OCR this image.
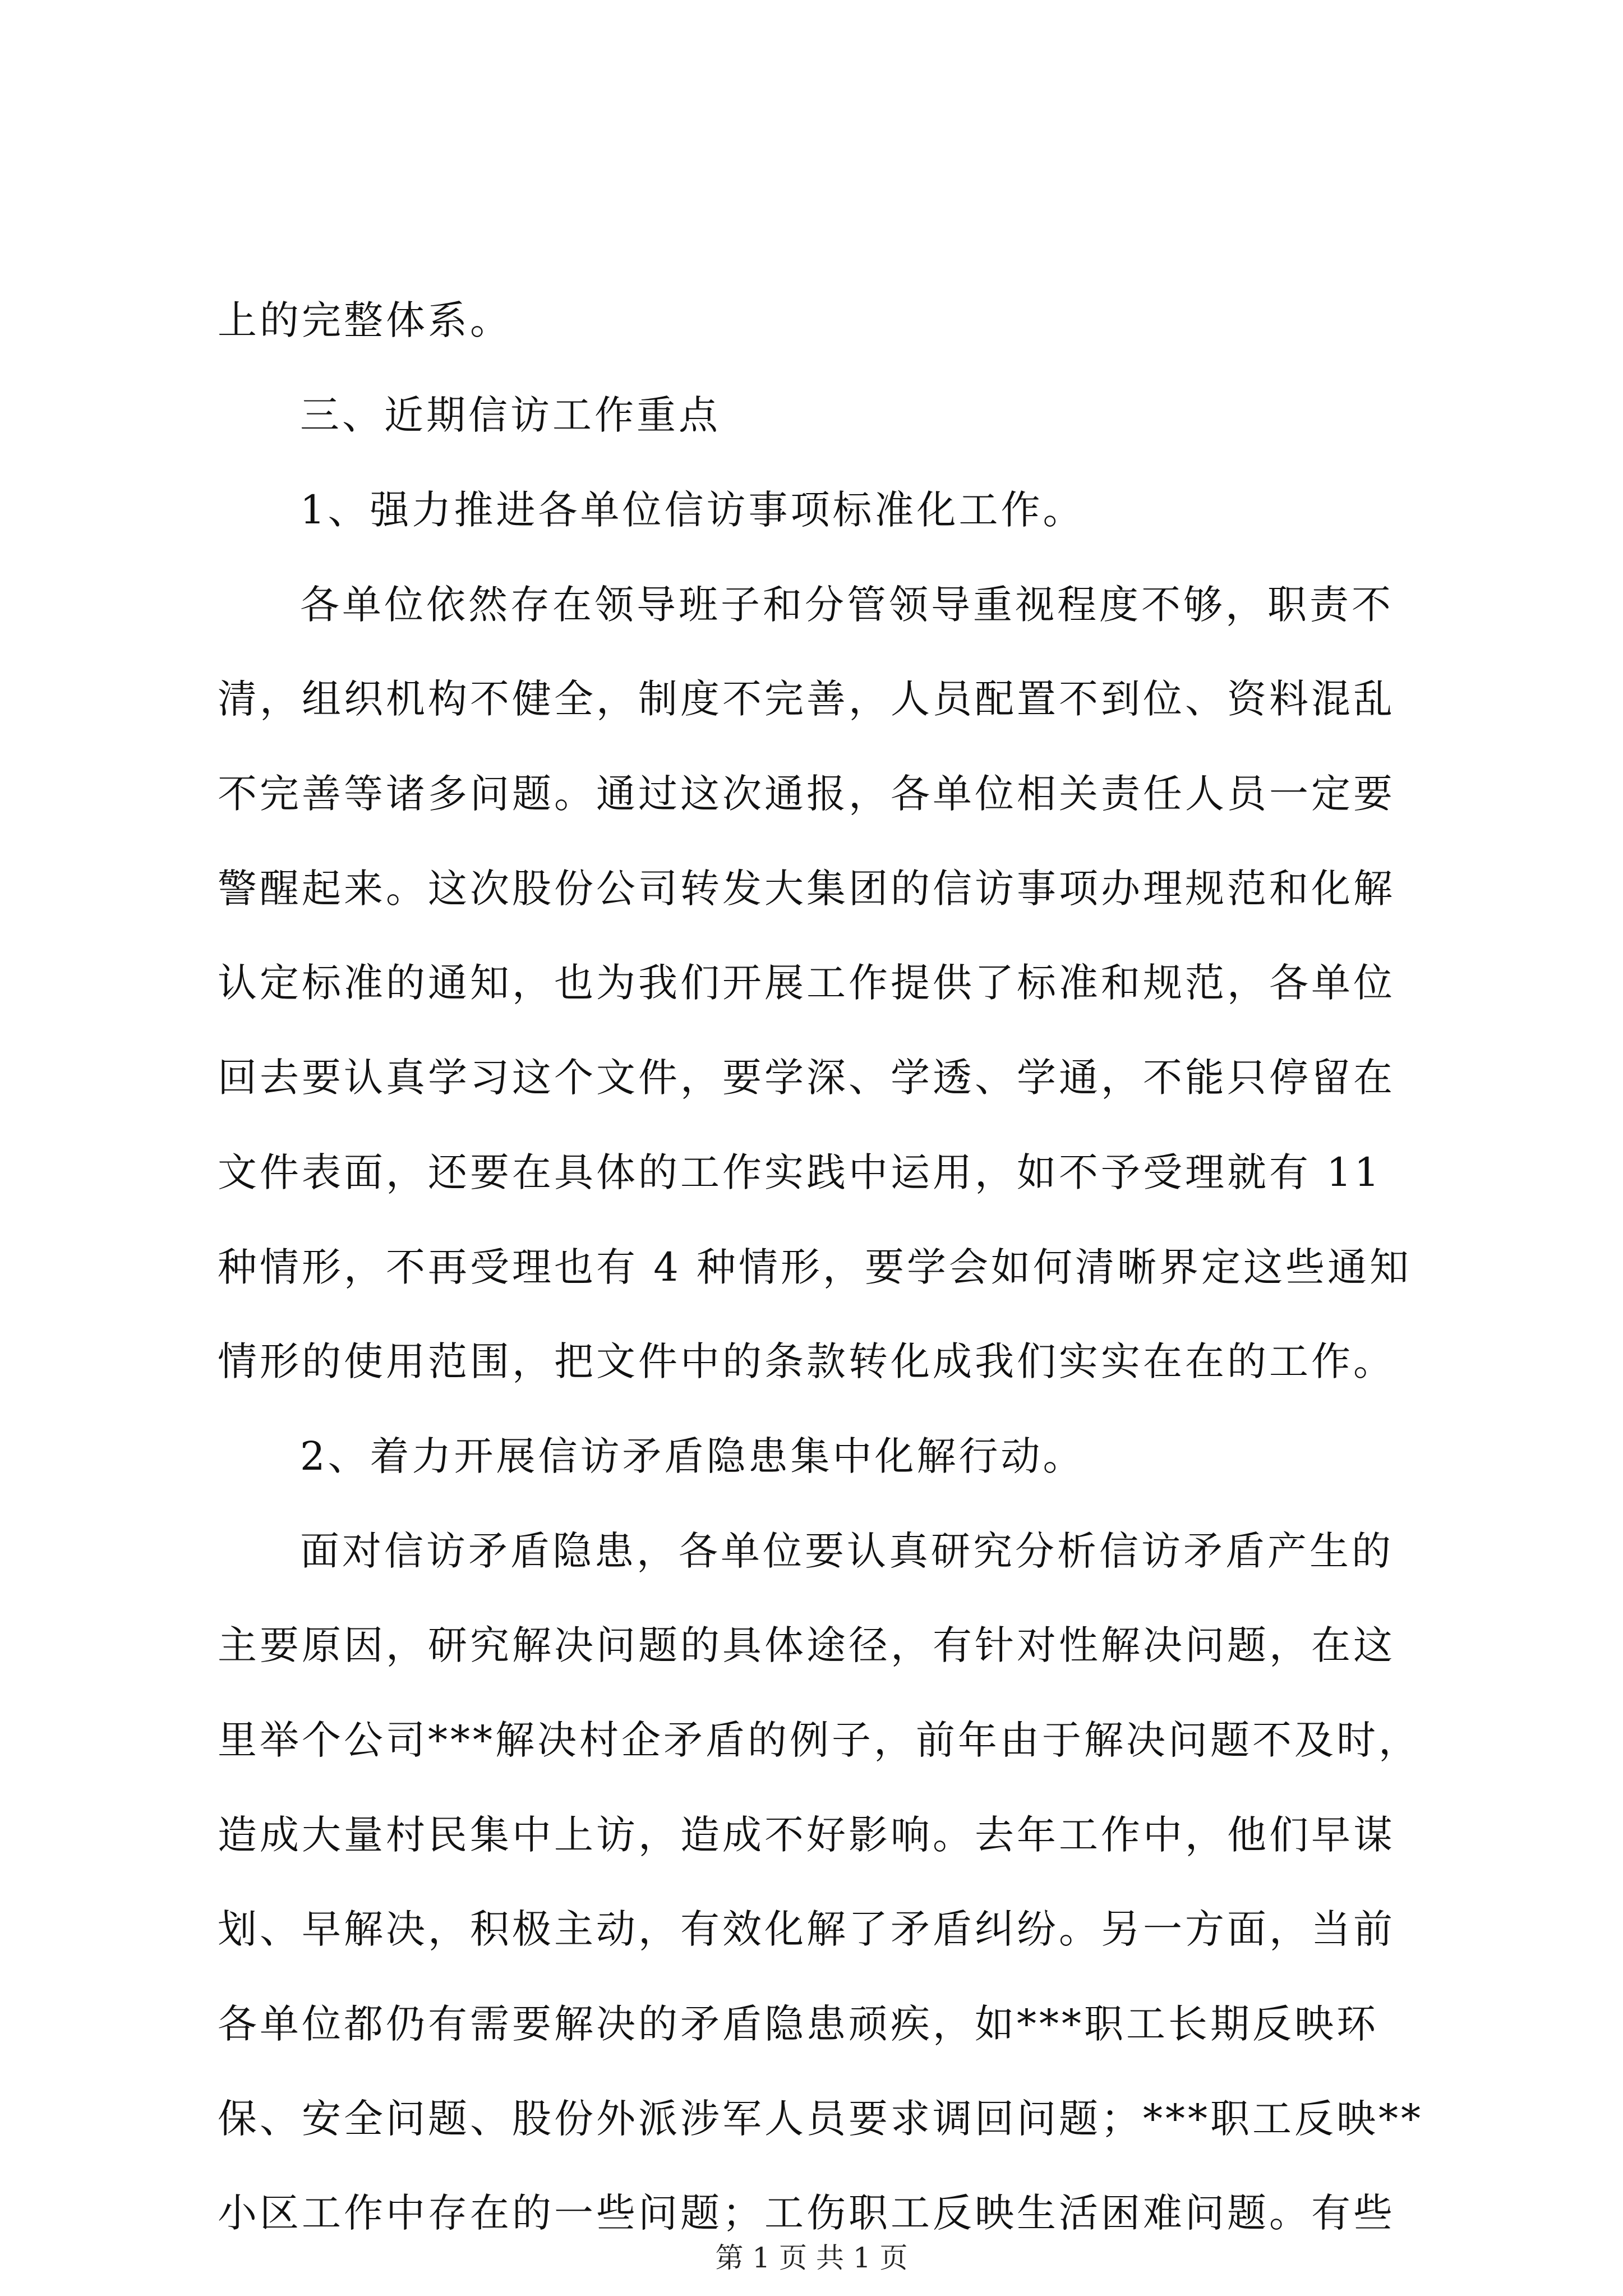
上的完整体系。
三、近期信访工作重点
1、强力推进各单位信访事项标准化工作。
各单位依然存在领导班子和分管领导重视程度不够，职责不
清，组织机构不健全，制度不完善，人员配置不到位、资料混乱
不完善等诸多问题。通过这次通报，各单位相关责任人员一定要
警醒起来。这次股份公司转发大集团的信访事项办理规范和化解
认定标准的通知，也为我们开展工作提供了标准和规范，各单位
回去要认真学习这个文件，要学深、学透、学通，不能只停留在
文件表面，还要在具体的工作实践中运用，如不予受理就有 11
种情形，不再受理也有 4 种情形，要学会如何清晰界定这些通知
情形的使用范围，把文件中的条款转化成我们实实在在的工作。
2、着力开展信访矛盾隐患集中化解行动。
面对信访矛盾隐患，各单位要认真研究分析信访矛盾产生的
主要原因，研究解决问题的具体途径，有针对性解决问题，在这
里举个公司***解决村企矛盾的例子，前年由于解决问题不及时，
造成大量村民集中上访，造成不好影响。去年工作中，他们早谋
划、早解决，积极主动，有效化解了矛盾纠纷。另一方面，当前
各单位都仍有需要解决的矛盾隐患顽疾，如***职工长期反映环
保、安全问题、股份外派涉军人员要求调回问题；***职工反映**
小区工作中存在的一些问题；工伤职工反映生活困难问题。有些
第 1 页 共 1 页
